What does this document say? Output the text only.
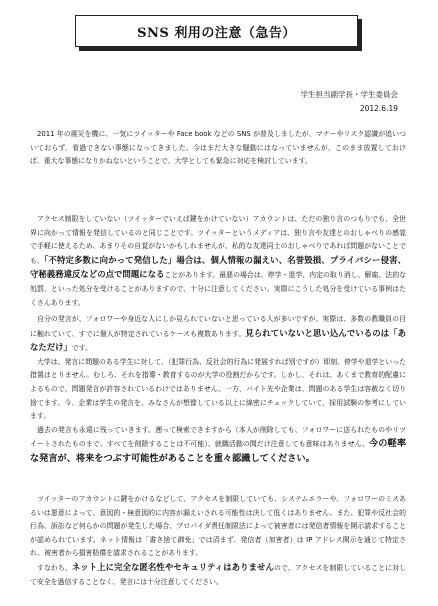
SNS 利用の注意（急告）
学生担当副学長・学生委員会
2012.6.19
　2011 年の震災を機に、一気にツイッターや Face book などの SNS が普及しましたが、マナーやリスク認識が追いついておらず、看過できない事態になってきました。今はまだ大きな騒動にはなっていませんが、このまま放置しておけば、重大な事態になりかねないということで、大学としても緊急に対応を検討しています。
　アクセス制限をしていない（ツイッターでいえば鍵をかけていない）アカウントは、ただの独り言のつもりでも、全世界に向かって情報を発信しているのと同じことです。ツイッターというメディアは、独り言や友達とのおしゃべりの感覚で手軽に使えるため、あまりその自覚がないかもしれませんが、私的な友達同士のおしゃべりであれば問題がないことでも、「不特定多数に向かって発信した」場合は、個人情報の漏えい、名誉毀損、プライバシー侵害、守秘義務違反などの点で問題になることがあります。最悪の場合は、停学・退学、内定の取り消し、解雇、法的な処罰、といった処分を受けることがありますので、十分に注意してください。実際にこうした処分を受けている事例はたくさんあります。
　自分の発言が、フォロワーや身近な人にしか見られていないと思っている人が多いですが、実際は、多数の教職員の目に触れていて、すでに個人が特定されているケースも複数あります。見られていないと思い込んでいるのは「あなただけ」です。
　大学は、発言に問題のある学生に対して、（犯罪行為、反社会的行為に発展すれば別ですが）即刻、停学や退学といった措置はとりません。むしろ、それを指導・教育するのが大学の役割だからです。しかし、それは、あくまで教育的配慮によるもので、問題発言が許容されているわけではありません。一方、バイト先や企業は、問題のある学生は容赦なく切り捨てます。今、企業は学生の発言を、みなさんが想像している以上に綿密にチェックしていて、採用試験の参考にしています。
　過去の発言も永遠に残っていきます。遡って検索できますから（本人が削除しても、フォロワーに送られたものやリツイートされたものまで、すべてを削除することは不可能）、就職活動の間だけ注意しても意味はありません。今の軽率な発言が、将来をつぶす可能性があることを重々認識してください。
　ツイッターのアカウントに鍵をかけるなどして、アクセスを制限していても、システムエラーや、フォロワーのミスあるいは悪意によって、意図的・無意図的に内容が漏えいされる可能性は決して低くはありません。また、犯罪や反社会的行為、訴訟など何らかの問題が発生した場合、プロバイダ責任制限法によって被害者には発信者情報を開示請求することが認められています。ネット情報は「書き捨て御免」では済まず、発信者（加害者）は IP アドレス開示を通じて特定され、被害者から損害賠償を請求されることがあります。
　すなわち、ネット上に完全な匿名性やセキュリティはありませんので、アクセスを制限していることに対して安全を過信することなく、発言には十分注意してください。
